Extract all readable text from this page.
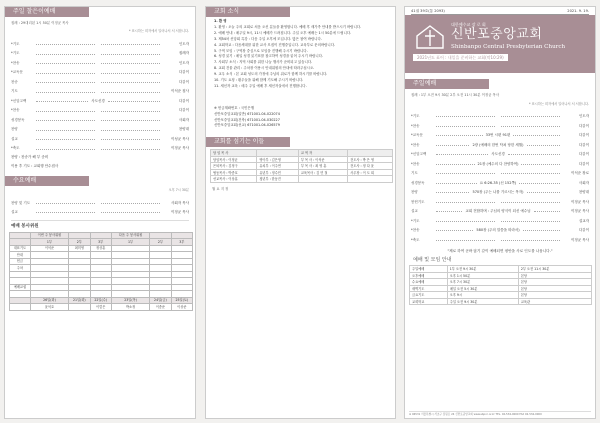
주일 찰은이예배
집례 : 29대리된 1시 50분 이정균 목사
* 표시하는 회자에서 일어나서 서 서합니다.
*기도	인도자
*기도	집례자
*찬송	인도자
*교독문	다같이
찬송	다같이
기도	이석준 집사
*신앙고백	사도신경	다같이
*찬송	다같이
성경봉독	사회자
찬양	찬양대
설교	이성균 목사
*축도	이정균 목사
찬양 : 찬송가 해 부 준비
이용 후 기도 : 교회행 안수집사
수요예배
오후 7시 30분
찬양 및 기도	사회자 목사
설교	이정균 목사
예배 봉사위원
	이번 주 봉사위원			다음 주 봉사위원		
	1부	2부	3부	1부	2부	3부
대표기도	이석준	최미영	정상훈			
안내						
헌금						
주차						

예배교섭						

	26일(화)	21일(화)	22일(수)	23일(목)	24일(금)	25일(토)
	윤석호		이렇은	박소정	이종준	이상준
교회 소식
1. 환 영

1. 환영 : 오늘 주의 교회로 처음 오신 분들을 환영합니다. 예배 후 새가족 안내를 받으시기 바랍니다.

2. 예배 안내 : 매주일 9시, 11시 예배가 드려집니다. 주일 오후 예배는 1시 50분에 드립니다.

3. 제54차 신앙회 특강 : 다음 주일 오후에 모입니다. 많은 참여 바랍니다.

4. 교회학교 : 다음세대를 위한 교사 모집이 진행중입니다. 교육부로 문의바랍니다.

5. 구역 모임 : 구역장 중심으로 모임을 진행해 주시기 바랍니다.

6. 성경 읽기 : 매일 성경 읽기표를 참고하여 성경을 읽어 주시기 바랍니다.

7. 사회부 소식 : 지역 사회를 위한 나눔 행사가 준비되고 있습니다.

8. 교회 건물 관리 : 주차장 이용시 안내위원의 안내에 따라주십시오.

9. 교우 소식 : 본 교회 성도의 가정에 주님의 위로가 함께 하시기를 바랍니다.

10. 기도 요청 : 환우들을 위해 함께 기도해 주시기 바랍니다.

11. 새신자 교육 : 매주 주일 예배 후 새신자실에서 진행합니다.

※ 헌금계좌번호 : 국민은행

신반포중앙교회(일반) 671001-04-022074

신반포중앙교회(건축) 671001-04-030227

신반포중앙교회(선교) 671001-04-026579

교회를 섬기는 이들
담 임 목 사		교 역 자	
담임목사 : 이정균	영아부 : 김은영	부 목 사 : 이석준	전도사 : 박 은 영
은퇴목사 : 김정구	유치부 : 이주연	부 목 사 : 최 영 훈	전도사 : 정 다 윤
협동목사 : 박종호	유년부 : 정수민	교육목사 : 김 민 철	사무장 : 이 도 희
선교목사 : 이상훈	청년부 : 한동진		
월 요 지 정
41권 39호(통 2093)	2021. 9. 19.
대한예수교 장 로 회
신반포중앙교회
Shinbanpo Central Presbyterian Church
2021년도 표어 : 내일을 준비하는 교회(막10:29)
주일예배
집례 : 1부 오전 9시 30분 2부 오전 11시 30분 이정균 목사
* 표시하는 회자에서 일어나서 서 서합니다.
*기도	인도자
*찬송	다같이
*교독문	33번 시편 91편	다같이
*찬송	2장 (예배의 한번 닥쳐 당한 세월)	다같이
*신앙고백	사도신경	다같이
*찬송	21장 (예수의 다 찬양하여)	다같이
기도	이석준 장로
성경봉독	요 6:26-35 (신 152쪽)	사회자
찬양	570장 (주는 나를 기르시는 목자)	찬양대
봉헌기도	이정균 목사
설교	교회 전합하며 : 주님의 양식이 되신 예수님	이정균 목사
*기도	설교자
*찬송	580장 (주의 말씀을 따라서)	다같이
*축도	이정균 목사
"제로 하여 곧바 않기 같이 예배되면 평안을 사로 인도를 나옵니다."
예배 및 모임 안내
주일예배	1부 오전 9시 30분	2부 오전 11시 30분
오후예배	오후 1시 50분	본당
수요예배	오후 7시 30분	본당
새벽기도	매일 오전 5시 30분	본당
금요기도	오후 9시	본당
교회학교	주일 오전 9시 30분	교육관
※ 06531 서울특별시 서초구 잠원로 24 신반포중앙교회 www.sbpcc.or.kr TEL. 02-534-0000 FAX 02-534-0000
